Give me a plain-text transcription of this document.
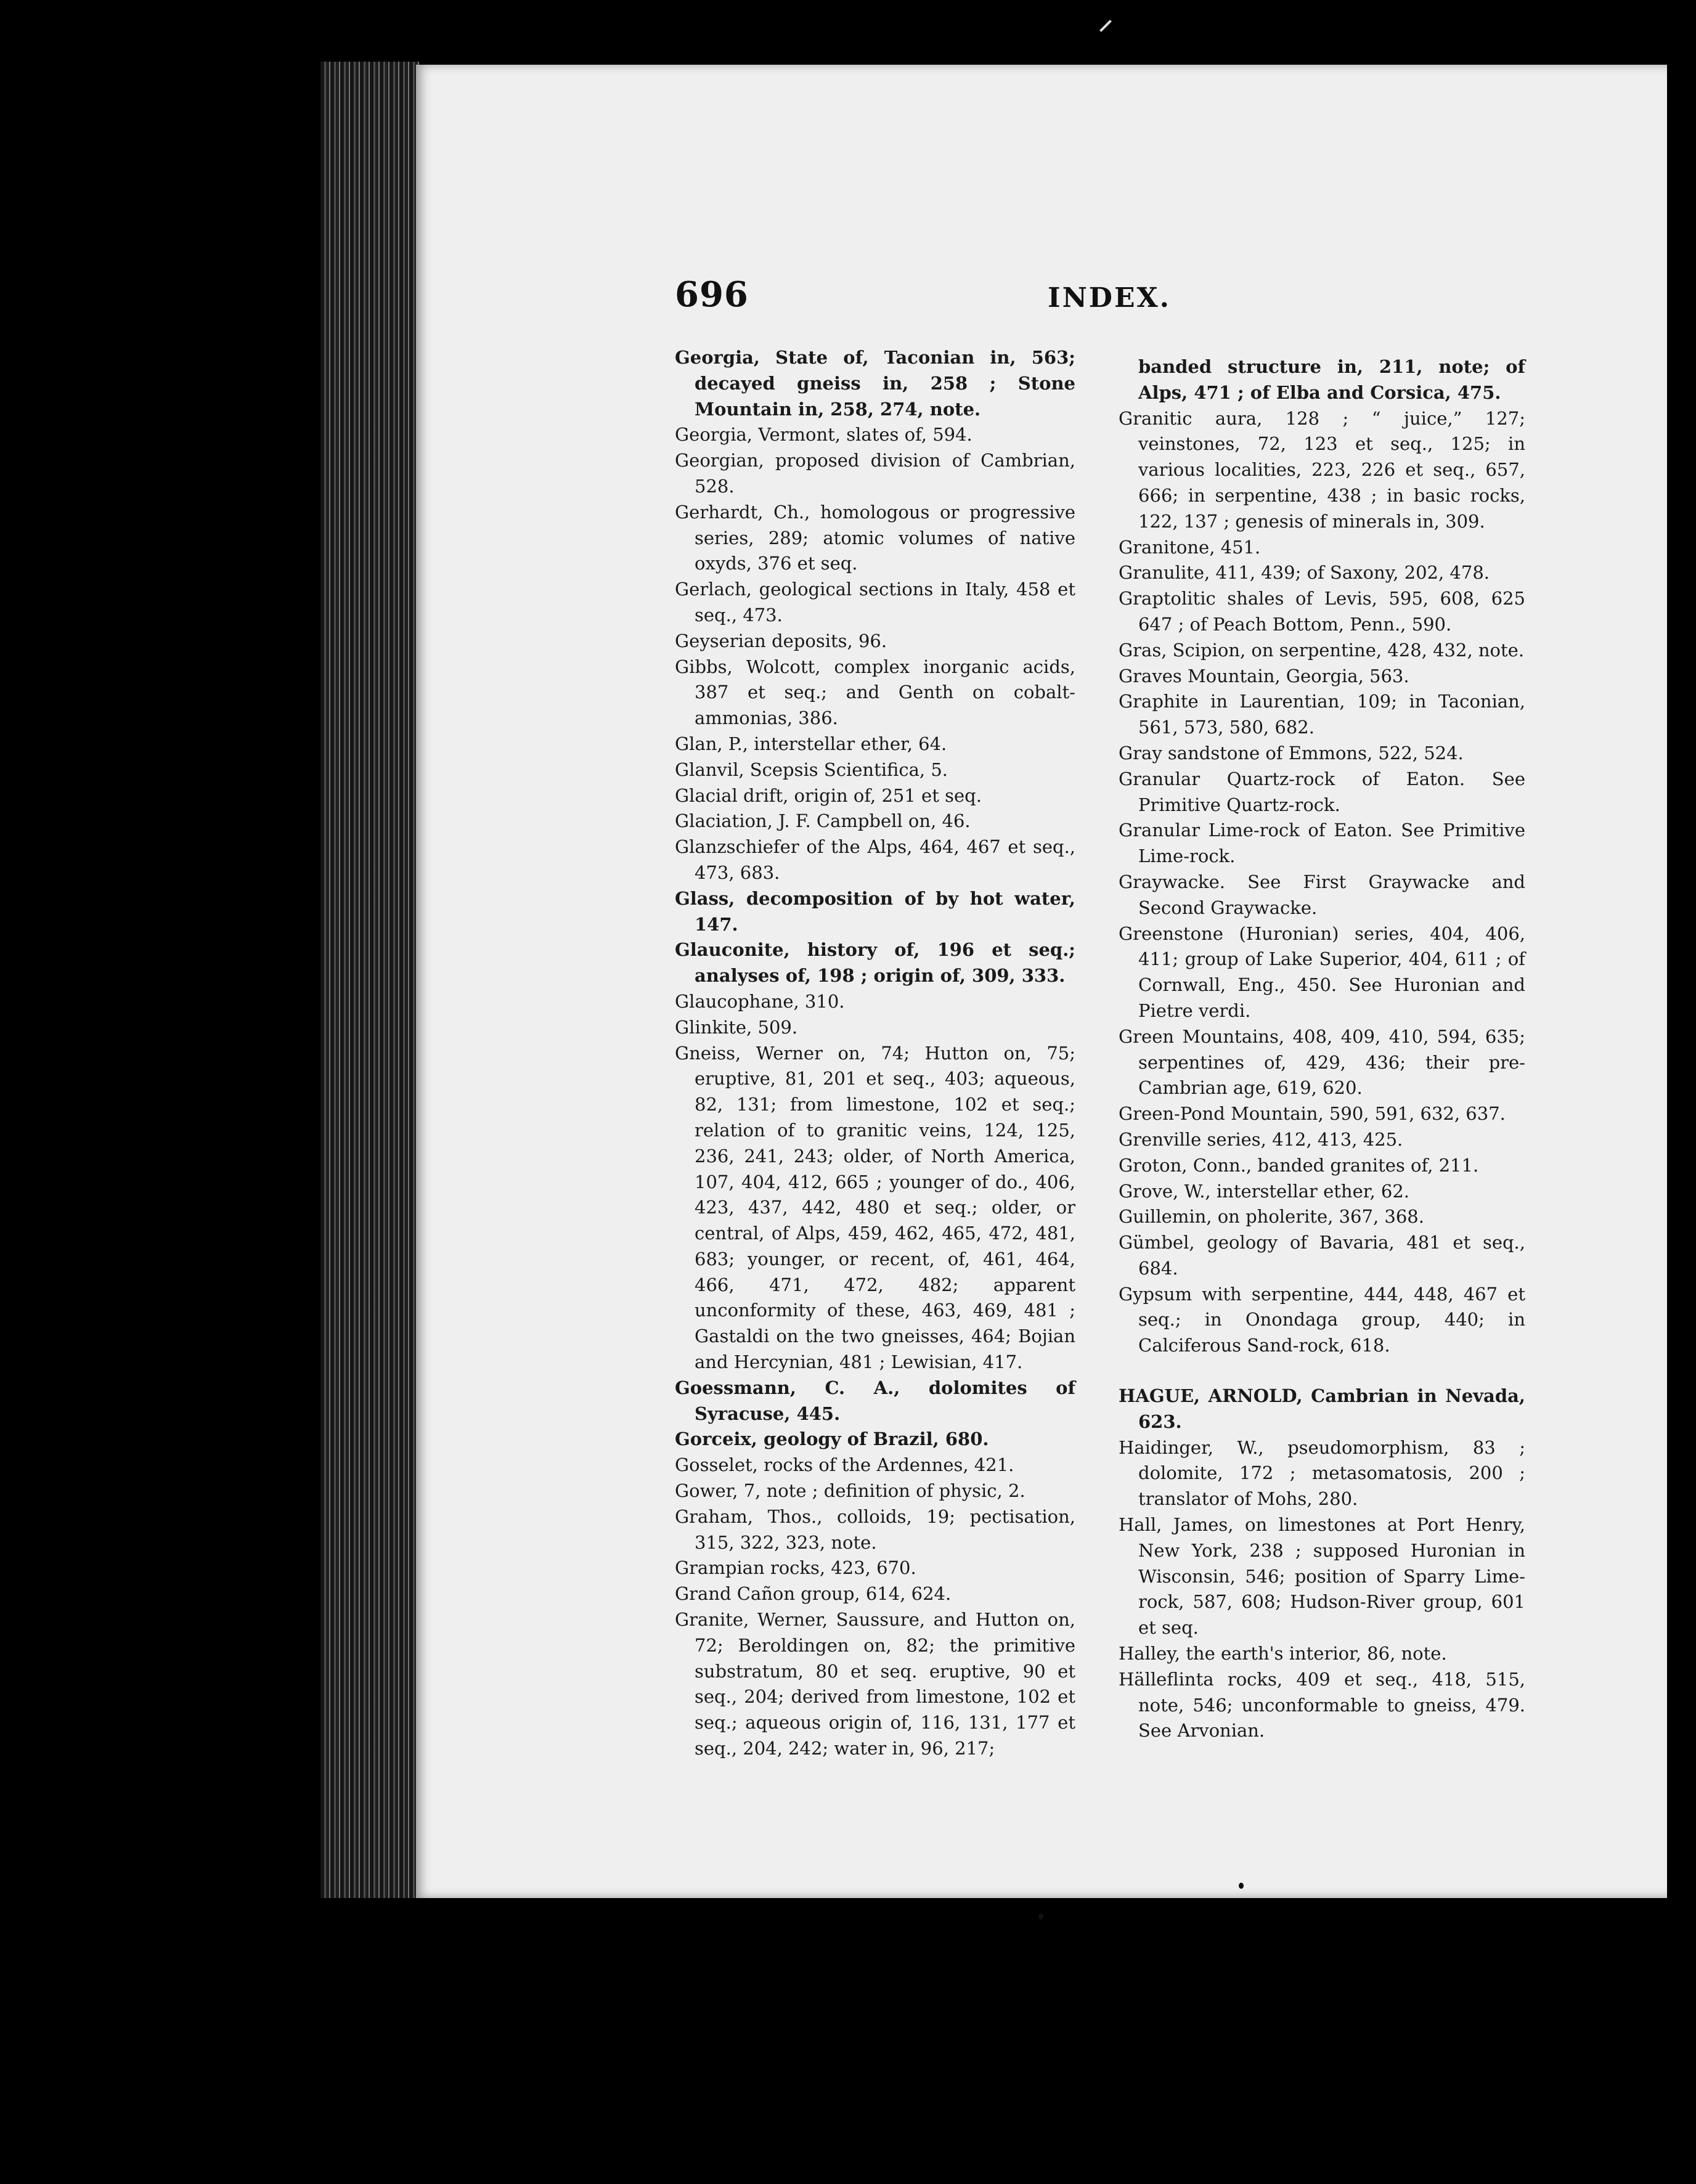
696	INDEX.

Georgia, State of, Taconian in, 563; decayed gneiss in, 258 ; Stone Mountain in, 258, 274, note.

Georgia, Vermont, slates of, 594.

Georgian, proposed division of Cambrian, 528.

Gerhardt, Ch., homologous or progressive series, 289; atomic volumes of native oxyds, 376 et seq.

Gerlach, geological sections in Italy, 458 et seq., 473.

Geyserian deposits, 96.

Gibbs, Wolcott, complex inorganic acids, 387 et seq.; and Genth on cobalt-ammonias, 386.

Glan, P., interstellar ether, 64.

Glanvil, Scepsis Scientifica, 5.

Glacial drift, origin of, 251 et seq.

Glaciation, J. F. Campbell on, 46.

Glanzschiefer of the Alps, 464, 467 et seq., 473, 683.

Glass, decomposition of by hot water, 147.

Glauconite, history of, 196 et seq.; analyses of, 198 ; origin of, 309, 333.

Glaucophane, 310.

Glinkite, 509.

Gneiss, Werner on, 74; Hutton on, 75; eruptive, 81, 201 et seq., 403; aqueous, 82, 131; from limestone, 102 et seq.; relation of to granitic veins, 124, 125, 236, 241, 243; older, of North America, 107, 404, 412, 665 ; younger of do., 406, 423, 437, 442, 480 et seq.; older, or central, of Alps, 459, 462, 465, 472, 481, 683; younger, or recent, of, 461, 464, 466, 471, 472, 482; apparent unconformity of these, 463, 469, 481 ; Gastaldi on the two gneisses, 464; Bojian and Hercynian, 481 ; Lewisian, 417.

Goessmann, C. A., dolomites of Syracuse, 445.

Gorceix, geology of Brazil, 680.

Gosselet, rocks of the Ardennes, 421.

Gower, 7, note ; definition of physic, 2.

Graham, Thos., colloids, 19; pectisation, 315, 322, 323, note.

Grampian rocks, 423, 670.

Grand Cañon group, 614, 624.

Granite, Werner, Saussure, and Hutton on, 72; Beroldingen on, 82; the primitive substratum, 80 et seq. eruptive, 90 et seq., 204; derived from limestone, 102 et seq.; aqueous origin of, 116, 131, 177 et seq., 204, 242; water in, 96, 217;

banded structure in, 211, note; of Alps, 471 ; of Elba and Corsica, 475.

Granitic aura, 128 ; “ juice,” 127; veinstones, 72, 123 et seq., 125; in various localities, 223, 226 et seq., 657, 666; in serpentine, 438 ; in basic rocks, 122, 137 ; genesis of minerals in, 309.

Granitone, 451.

Granulite, 411, 439; of Saxony, 202, 478.

Graptolitic shales of Levis, 595, 608, 625 647 ; of Peach Bottom, Penn., 590.

Gras, Scipion, on serpentine, 428, 432, note.

Graves Mountain, Georgia, 563.

Graphite in Laurentian, 109; in Taconian, 561, 573, 580, 682.

Gray sandstone of Emmons, 522, 524.

Granular Quartz-rock of Eaton. See Primitive Quartz-rock.

Granular Lime-rock of Eaton. See Primitive Lime-rock.

Graywacke. See First Graywacke and Second Graywacke.

Greenstone (Huronian) series, 404, 406, 411; group of Lake Superior, 404, 611 ; of Cornwall, Eng., 450. See Huronian and Pietre verdi.

Green Mountains, 408, 409, 410, 594, 635; serpentines of, 429, 436; their pre-Cambrian age, 619, 620.

Green-Pond Mountain, 590, 591, 632, 637.

Grenville series, 412, 413, 425.

Groton, Conn., banded granites of, 211.

Grove, W., interstellar ether, 62.

Guillemin, on pholerite, 367, 368.

Gümbel, geology of Bavaria, 481 et seq., 684.

Gypsum with serpentine, 444, 448, 467 et seq.; in Onondaga group, 440; in Calciferous Sand-rock, 618.

HAGUE, ARNOLD, Cambrian in Nevada, 623.

Haidinger, W., pseudomorphism, 83 ; dolomite, 172 ; metasomatosis, 200 ; translator of Mohs, 280.

Hall, James, on limestones at Port Henry, New York, 238 ; supposed Huronian in Wisconsin, 546; position of Sparry Lime-rock, 587, 608; Hudson-River group, 601 et seq.

Halley, the earth's interior, 86, note.

Hälleflinta rocks, 409 et seq., 418, 515, note, 546; unconformable to gneiss, 479. See Arvonian.
